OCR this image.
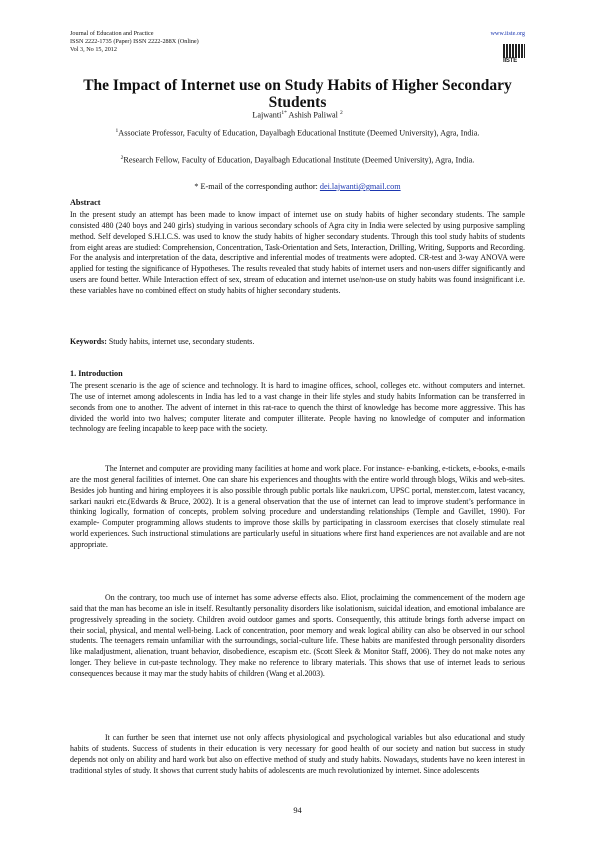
Journal of Education and Practice
ISSN 2222-1735 (Paper) ISSN 2222-288X (Online)
Vol 3, No 15, 2012
www.iiste.org
IISTE
The Impact of Internet use on Study Habits of Higher Secondary Students
Lajwanti$^{1*}$ Ashish Paliwal $^2$
$^1$Associate Professor, Faculty of Education, Dayalbagh Educational Institute (Deemed University), Agra, India.
$^2$Research Fellow, Faculty of Education, Dayalbagh Educational Institute (Deemed University), Agra, India.
* E-mail of the corresponding author: dei.lajwanti@gmail.com
Abstract

In the present study an attempt has been made to know impact of internet use on study habits of higher secondary students. The sample consisted 480 (240 boys and 240 girls) studying in various secondary schools of Agra city in India were selected by using purposive sampling method. Self developed S.H.I.C.S. was used to know the study habits of higher secondary students. Through this tool study habits of students from eight areas are studied: Comprehension, Concentration, Task-Orientation and Sets, Interaction, Drilling, Writing, Supports and Recording. For the analysis and interpretation of the data, descriptive and inferential modes of treatments were adopted. CR-test and 3-way ANOVA were applied for testing the significance of Hypotheses. The results revealed that study habits of internet users and non-users differ significantly and users are found better. While Interaction effect of sex, stream of education and internet use/non-use on study habits was found insignificant i.e. these variables have no combined effect on study habits of higher secondary students.

Keywords: Study habits, internet use, secondary students.

1. Introduction

The present scenario is the age of science and technology. It is hard to imagine offices, school, colleges etc. without computers and internet. The use of internet among adolescents in India has led to a vast change in their life styles and study habits Information can be transferred in seconds from one to another. The advent of internet in this rat-race to quench the thirst of knowledge has become more aggressive. This has divided the world into two halves; computer literate and computer illiterate. People having no knowledge of computer and information technology are feeling incapable to keep pace with the society.

The Internet and computer are providing many facilities at home and work place. For instance- e-banking, e-tickets, e-books, e-mails are the most general facilities of internet. One can share his experiences and thoughts with the entire world through blogs, Wikis and web-sites. Besides job hunting and hiring employees it is also possible through public portals like naukri.com, UPSC portal, menster.com, latest vacancy, sarkari naukri etc.(Edwards & Bruce, 2002). It is a general observation that the use of internet can lead to improve student’s performance in thinking logically, formation of concepts, problem solving procedure and understanding relationships (Temple and Gavillet, 1990). For example- Computer programming allows students to improve those skills by participating in classroom exercises that closely stimulate real world experiences. Such instructional stimulations are particularly useful in situations where first hand experiences are not available and are not appropriate.

On the contrary, too much use of internet has some adverse effects also. Eliot, proclaiming the commencement of the modern age said that the man has become an isle in itself. Resultantly personality disorders like isolationism, suicidal ideation, and emotional imbalance are progressively spreading in the society. Children avoid outdoor games and sports. Consequently, this attitude brings forth adverse impact on their social, physical, and mental well-being. Lack of concentration, poor memory and weak logical ability can also be observed in our school students. The teenagers remain unfamiliar with the surroundings, social-culture life. These habits are manifested through personality disorders like maladjustment, alienation, truant behavior, disobedience, escapism etc. (Scott Sleek & Monitor Staff, 2006). They do not make notes any longer. They believe in cut-paste technology. They make no reference to library materials. This shows that use of internet leads to serious consequences because it may mar the study habits of children (Wang et al.2003).

It can further be seen that internet use not only affects physiological and psychological variables but also educational and study habits of students. Success of students in their education is very necessary for good health of our society and nation but success in study depends not only on ability and hard work but also on effective method of study and study habits. Nowadays, students have no keen interest in traditional styles of study. It shows that current study habits of adolescents are much revolutionized by internet. Since adolescents

94
